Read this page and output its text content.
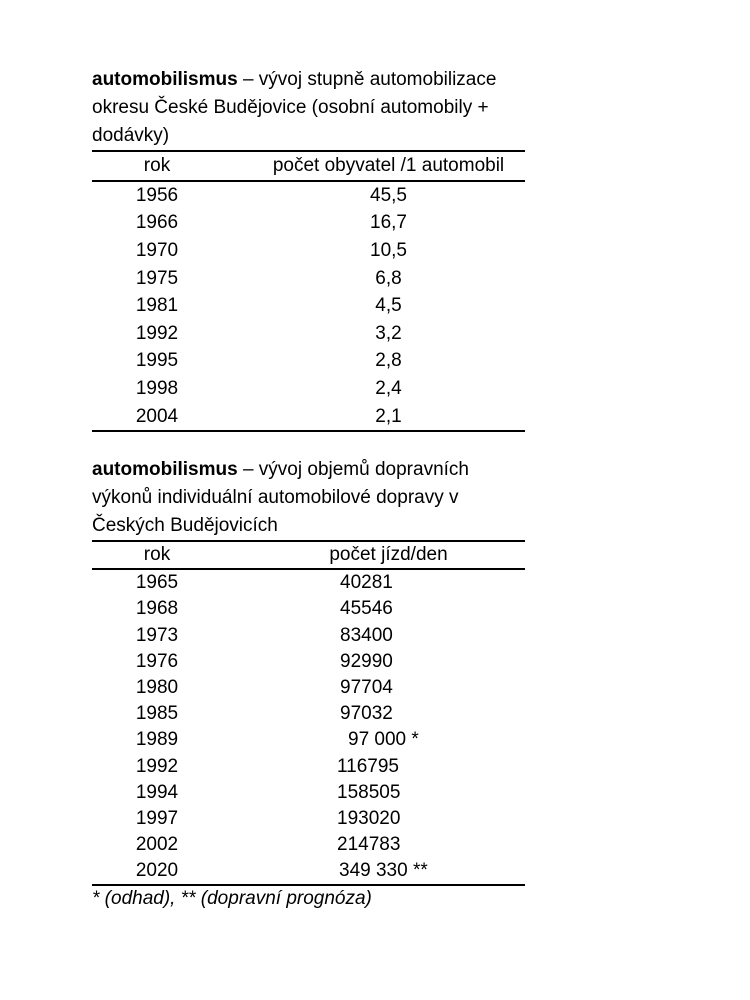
automobilismus – vývoj stupně automobilizace okresu České Budějovice (osobní automobily + dodávky)

rok	počet obyvatel /1 automobil
1956	45,5
1966	16,7
1970	10,5
1975	6,8
1981	4,5
1992	3,2
1995	2,8
1998	2,4
2004	2,1

automobilismus – vývoj objemů dopravních výkonů individuální automobilové dopravy v Českých Budějovicích

rok	počet jízd/den
1965	40281
1968	45546
1973	83400
1976	92990
1980	97704
1985	97032
1989	97 000 *
1992	116795
1994	158505
1997	193020
2002	214783
2020	349 330 **

* (odhad), ** (dopravní prognóza)
